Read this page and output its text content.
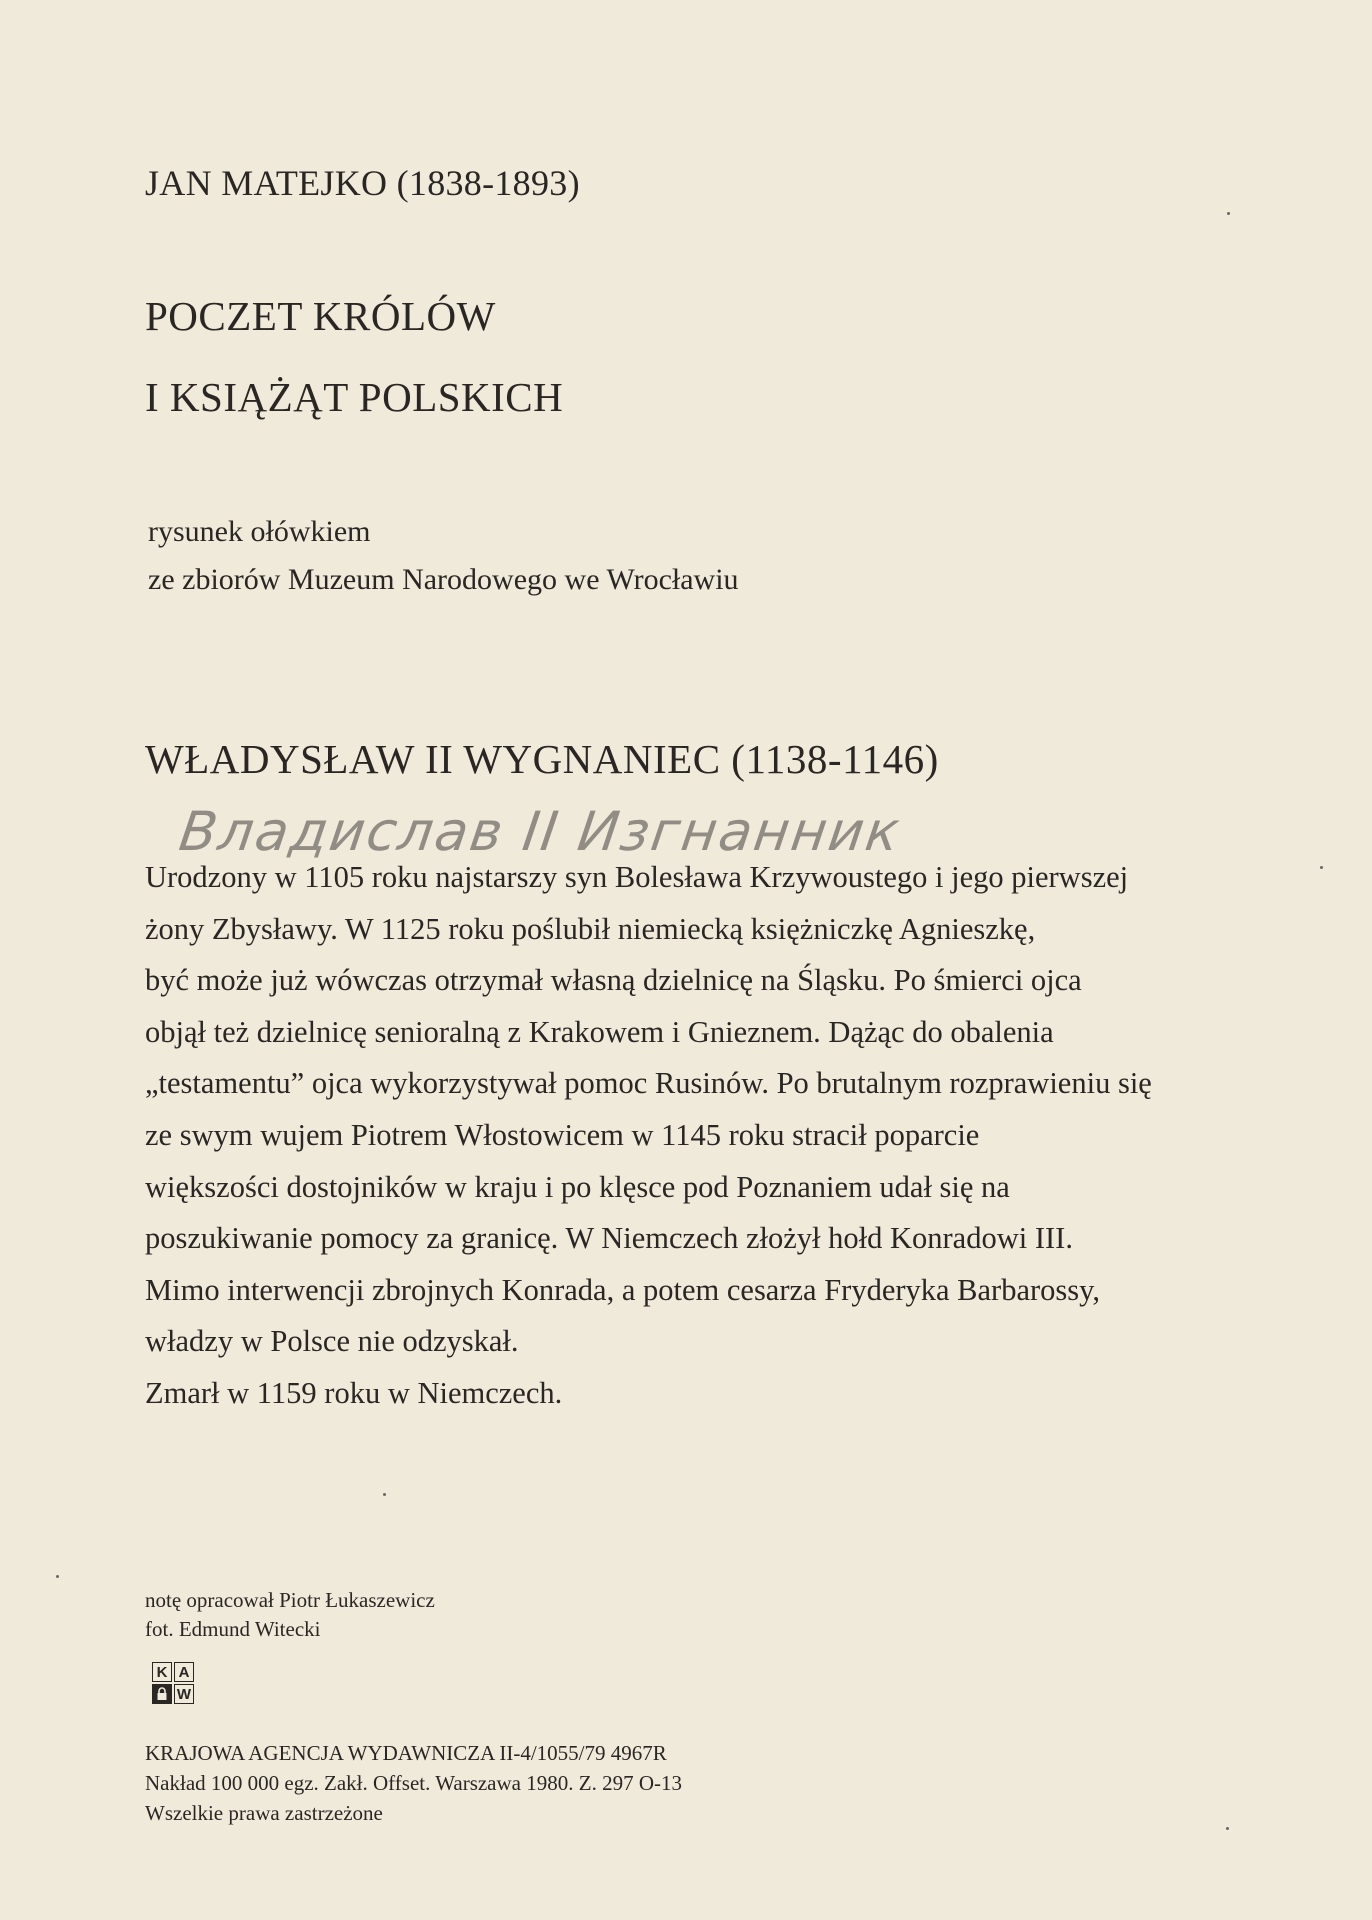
JAN MATEJKO (1838-1893)
POCZET KRÓLÓW
I KSIĄŻĄT POLSKICH
rysunek ołówkiem
ze zbiorów Muzeum Narodowego we Wrocławiu
WŁADYSŁAW II WYGNANIEC (1138-1146)
Владислав II Изгнанник
Urodzony w 1105 roku najstarszy syn Bolesława Krzywoustego i jego pierwszej
żony Zbysławy. W 1125 roku poślubił niemiecką księżniczkę Agnieszkę,
być może już wówczas otrzymał własną dzielnicę na Śląsku. Po śmierci ojca
objął też dzielnicę senioralną z Krakowem i Gnieznem. Dążąc do obalenia
„testamentu” ojca wykorzystywał pomoc Rusinów. Po brutalnym rozprawieniu się
ze swym wujem Piotrem Włostowicem w 1145 roku stracił poparcie
większości dostojników w kraju i po klęsce pod Poznaniem udał się na
poszukiwanie pomocy za granicę. W Niemczech złożył hołd Konradowi III.
Mimo interwencji zbrojnych Konrada, a potem cesarza Fryderyka Barbarossy,
władzy w Polsce nie odzyskał.
Zmarł w 1159 roku w Niemczech.
notę opracował Piotr Łukaszewicz
fot. Edmund Witecki
K A
W
KRAJOWA AGENCJA WYDAWNICZA II-4/1055/79 4967R
Nakład 100 000 egz. Zakł. Offset. Warszawa 1980. Z. 297 O-13
Wszelkie prawa zastrzeżone
